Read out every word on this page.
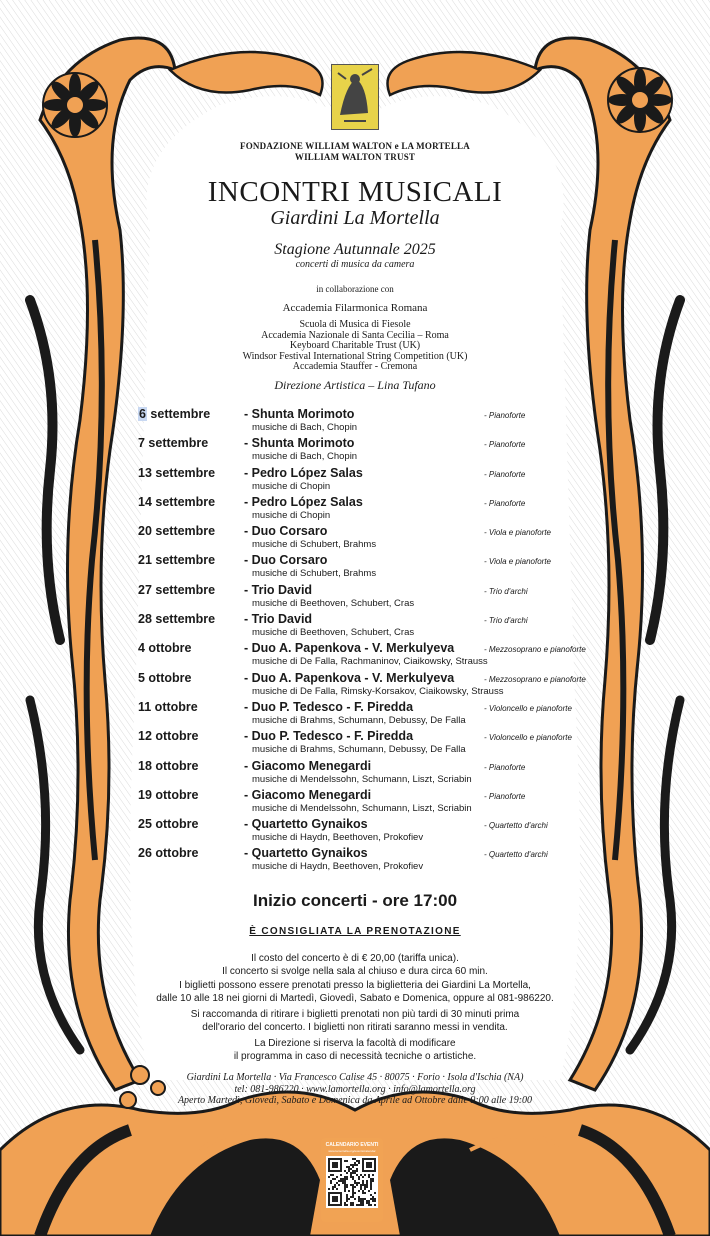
FONDAZIONE WILLIAM WALTON e LA MORTELLA
WILLIAM WALTON TRUST
INCONTRI MUSICALI
Giardini La Mortella
Stagione Autunnale 2025
concerti di musica da camera
in collaborazione con
Accademia Filarmonica Romana
Scuola di Musica di Fiesole
Accademia Nazionale di Santa Cecilia – Roma
Keyboard Charitable Trust (UK)
Windsor Festival International String Competition (UK)
Accademia Stauffer - Cremona
Direzione Artistica – Lina Tufano
6 settembre	- Shunta Morimoto
musiche di Bach, Chopin
- Pianoforte
7 settembre	- Shunta Morimoto
musiche di Bach, Chopin
- Pianoforte
13 settembre - Pedro López Salas
musiche di Chopin
- Pianoforte
14 settembre - Pedro López Salas
musiche di Chopin
- Pianoforte
20 settembre - Duo Corsaro
musiche di Schubert, Brahms
- Viola e pianoforte
21 settembre - Duo Corsaro
musiche di Schubert, Brahms
- Viola e pianoforte
27 settembre - Trio David
musiche di Beethoven, Schubert, Cras
- Trio d'archi
28 settembre - Trio David
musiche di Beethoven, Schubert, Cras
- Trio d'archi
4 ottobre	- Duo A. Papenkova - V. Merkulyeva
musiche di De Falla, Rachmaninov, Ciaikowsky, Strauss
- Mezzosoprano e pianoforte
5 ottobre	- Duo A. Papenkova - V. Merkulyeva
musiche di De Falla, Rimsky-Korsakov, Ciaikowsky, Strauss
- Mezzosoprano e pianoforte
11 ottobre	- Duo P. Tedesco - F. Piredda
musiche di Brahms, Schumann, Debussy, De Falla
- Violoncello e pianoforte
12 ottobre	- Duo P. Tedesco - F. Piredda
musiche di Brahms, Schumann, Debussy, De Falla
- Violoncello e pianoforte
18 ottobre	- Giacomo Menegardi
musiche di Mendelssohn, Schumann, Liszt, Scriabin
- Pianoforte
19 ottobre	- Giacomo Menegardi
musiche di Mendelssohn, Schumann, Liszt, Scriabin
- Pianoforte
25 ottobre	- Quartetto Gynaikos
musiche di Haydn, Beethoven, Prokofiev
- Quartetto d'archi
26 ottobre	- Quartetto Gynaikos
musiche di Haydn, Beethoven, Prokofiev
- Quartetto d'archi
Inizio concerti - ore 17:00
È CONSIGLIATA LA PRENOTAZIONE
Il costo del concerto è di € 20,00 (tariffa unica).
Il concerto si svolge nella sala al chiuso e dura circa 60 min.
I biglietti possono essere prenotati presso la biglietteria dei Giardini La Mortella,
dalle 10 alle 18 nei giorni di Martedì, Giovedì, Sabato e Domenica, oppure al 081-986220.
Si raccomanda di ritirare i biglietti prenotati non più tardi di 30 minuti prima
dell'orario del concerto. I biglietti non ritirati saranno messi in vendita.
La Direzione si riserva la facoltà di modificare
il programma in caso di necessità tecniche o artistiche.
Giardini La Mortella · Via Francesco Calise 45 · 80075 · Forio · Isola d'Ischia (NA)
tel: 081-986220 · www.lamortella.org · info@lamortella.org
Aperto Martedì, Giovedì, Sabato e Domenica da Aprile ad Ottobre dalle 9:00 alle 19:00
CALENDARIO EVENTI
www.lamortella.org/events/calendar
